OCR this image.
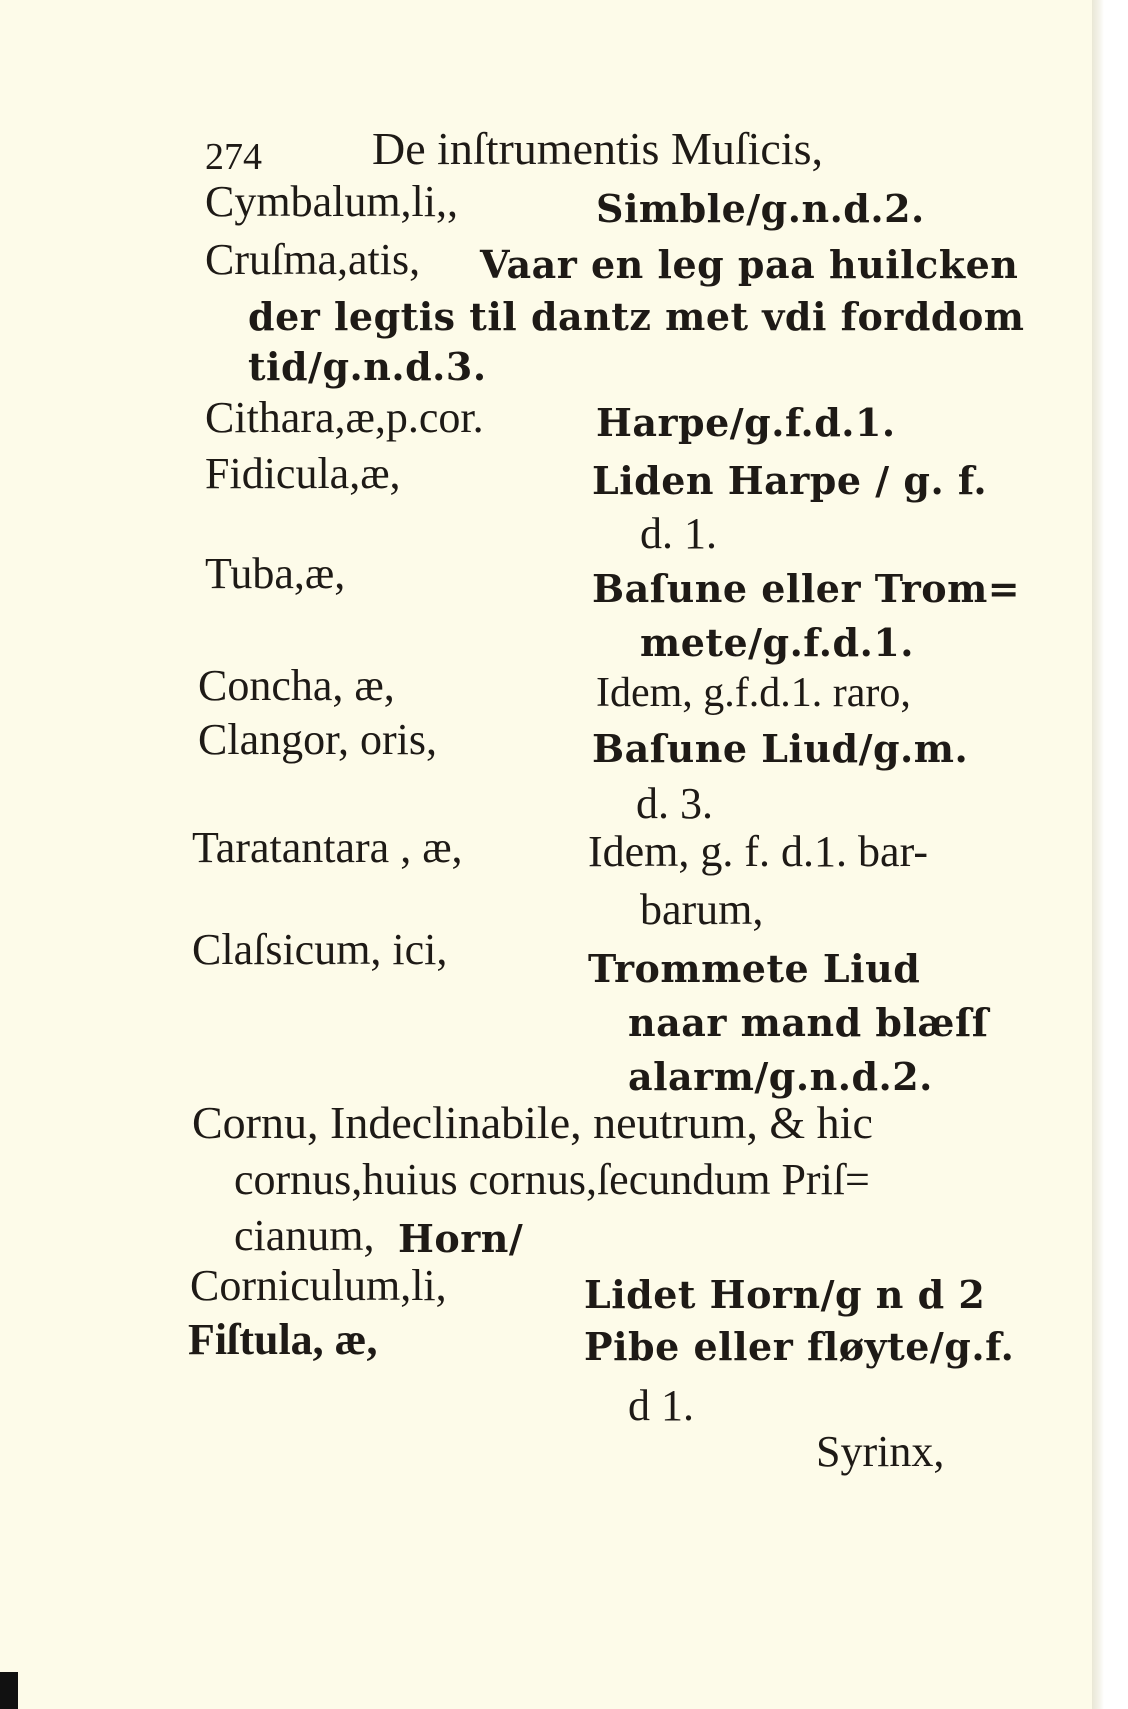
274 De inſtrumentis Muſicis,
Cymbalum,li,,	Simble/g.n.d.2.
Cruſma,atis, Vaar en leg paa huilcken
der legtis til dantz met vdi forddom
tid/g.n.d.3.
Cithara,æ,p.cor.	Harpe/g.f.d.1.
Fidicula,æ,	Liden Harpe / g. f.
d. 1.
Tuba,æ,	Baſune eller Trom=
mete/g.f.d.1.
Concha, æ,	Idem, g.f.d.1. raro,
Clangor, oris,	Baſune Liud/g.m.
d. 3.
Taratantara , æ,	Idem, g. f. d.1. bar-
barum,
Claſsicum, ici,	Trommete Liud
naar mand blæſſ
alarm/g.n.d.2.
Cornu, Indeclinabile, neutrum, & hic
cornus,huius cornus,ſecundum Priſ=
cianum, Horn/
Corniculum,li,	Lidet Horn/g n d 2
Fiſtula, æ,	Pibe eller fløyte/g.f.
d 1.
Syrinx,
